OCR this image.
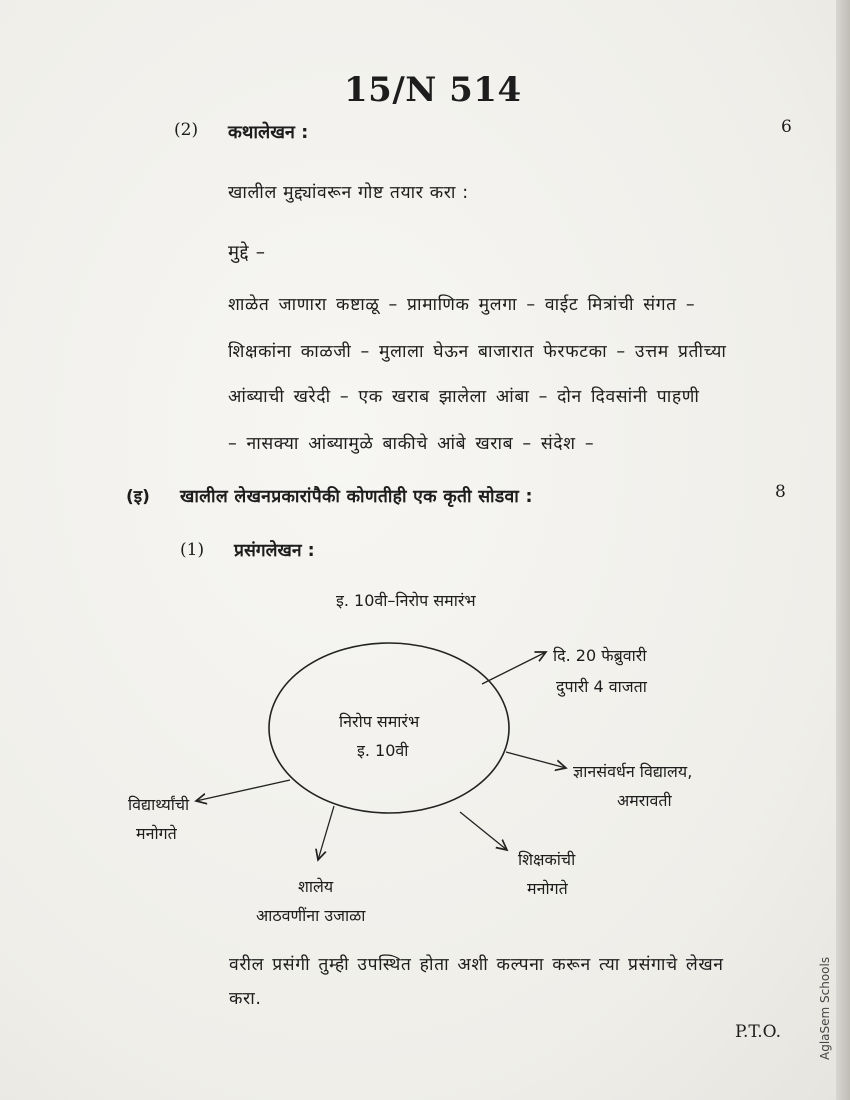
15/N 514
(2) कथालेखन :	6
खालील मुद्द्यांवरून गोष्ट तयार करा :
मुद्दे –
शाळेत जाणारा कष्टाळू – प्रामाणिक मुलगा – वाईट मित्रांची संगत –
शिक्षकांना काळजी – मुलाला घेऊन बाजारात फेरफटका – उत्तम प्रतीच्या
आंब्याची खरेदी – एक खराब झालेला आंबा – दोन दिवसांनी पाहणी
– नासक्या आंब्यामुळे बाकीचे आंबे खराब – संदेश –
(इ) खालील लेखनप्रकारांपैकी कोणतीही एक कृती सोडवा :	8
(1) प्रसंगलेखन :
इ. 10वी–निरोप समारंभ
निरोप समारंभ
इ. 10वी
दि. 20 फेब्रुवारी
दुपारी 4 वाजता
ज्ञानसंवर्धन विद्यालय,
अमरावती
विद्यार्थ्यांची
मनोगते
शिक्षकांची
मनोगते
शालेय
आठवणींना उजाळा
वरील प्रसंगी तुम्ही उपस्थित होता अशी कल्पना करून त्या प्रसंगाचे लेखन
करा.
P.T.O.	AglaSem Schools
